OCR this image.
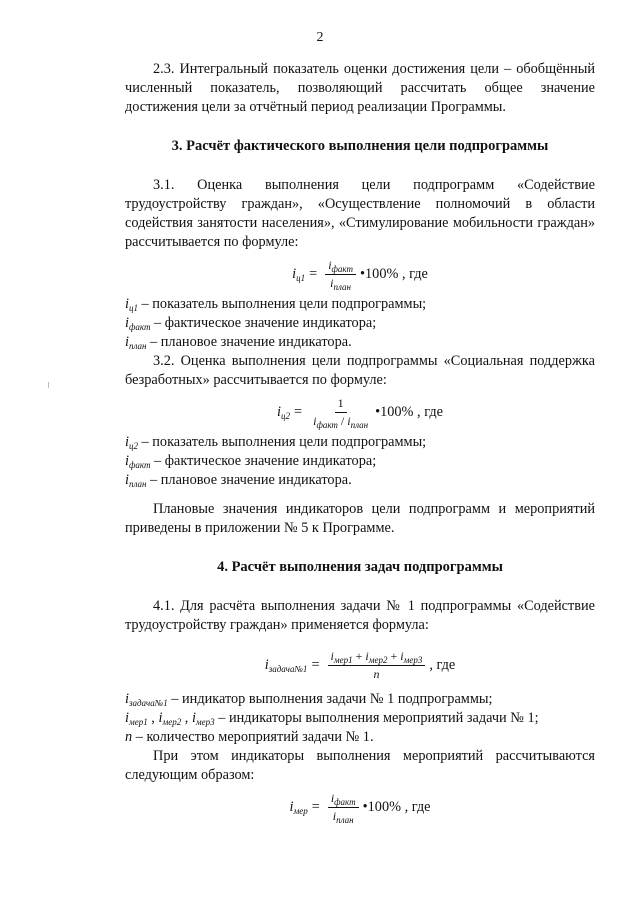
2

2.3. Интегральный показатель оценки достижения цели – обобщённый численный показатель, позволяющий рассчитать общее значение достижения цели за отчётный период реализации Программы.

3. Расчёт фактического выполнения цели подпрограммы

3.1. Оценка выполнения цели подпрограмм «Содействие трудоустройству граждан», «Осуществление полномочий в области содействия занятости населения», «Стимулирование мобильности граждан» рассчитывается по формуле:

$i_{ц1} = \frac{i_{факт}}{i_{план}}$ •100% , где

$i_{ц1}$ – показатель выполнения цели подпрограммы;

$i_{факт}$ – фактическое значение индикатора;

$i_{план}$ – плановое значение индикатора.

3.2. Оценка выполнения цели подпрограммы «Социальная поддержка безработных» рассчитывается по формуле:

$i_{ц2} = \frac{1}{i_{факт} / i_{план}}$ •100% , где

$i_{ц2}$ – показатель выполнения цели подпрограммы;

$i_{факт}$ – фактическое значение индикатора;

$i_{план}$ – плановое значение индикатора.

Плановые значения индикаторов цели подпрограмм и мероприятий приведены в приложении № 5 к Программе.

4. Расчёт выполнения задач подпрограммы

4.1. Для расчёта выполнения задачи № 1 подпрограммы «Содействие трудоустройству граждан» применяется формула:

$i_{задача№1} = \frac{i_{мер1} + i_{мер2} + i_{мер3}}{n}$ , где

$i_{задача№1}$ – индикатор выполнения задачи № 1 подпрограммы;

$i_{мер1}$ , $i_{мер2}$ , $i_{мер3}$ – индикаторы выполнения мероприятий задачи № 1;

n – количество мероприятий задачи № 1.

При этом индикаторы выполнения мероприятий рассчитываются следующим образом:

$i_{мер} = \frac{i_{факт}}{i_{план}}$ •100% , где
